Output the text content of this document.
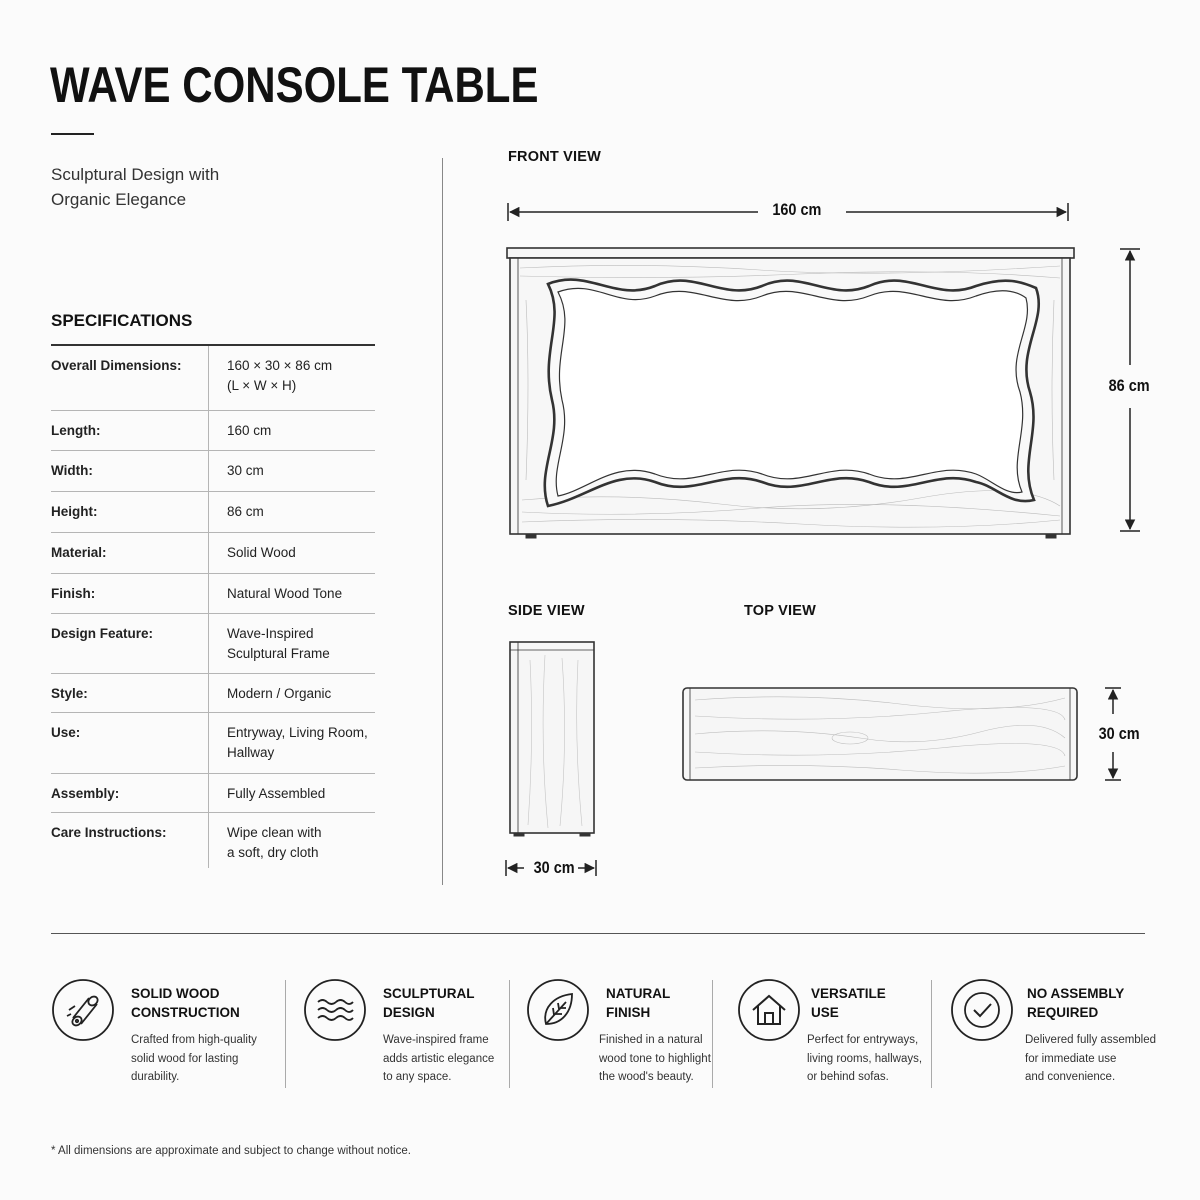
WAVE CONSOLE TABLE
Sculptural Design with
Organic Elegance
SPECIFICATIONS
Overall Dimensions:	160 × 30 × 86 cm
(L × W × H)

Length:	160 cm

Width:	30 cm

Height:	86 cm

Material:	Solid Wood

Finish:	Natural Wood Tone

Design Feature:	Wave-Inspired
Sculptural Frame

Style:	Modern / Organic

Use:	Entryway, Living Room,
Hallway

Assembly:	Fully Assembled

Care Instructions:	Wipe clean with
a soft, dry cloth
FRONT VIEW
160 cm
86 cm
SIDE VIEW
30 cm
TOP VIEW
30 cm
SOLID WOOD
CONSTRUCTION
Crafted from high-quality
solid wood for lasting
durability.
SCULPTURAL
DESIGN
Wave-inspired frame
adds artistic elegance
to any space.
NATURAL
FINISH
Finished in a natural
wood tone to highlight
the wood's beauty.
VERSATILE
USE
Perfect for entryways,
living rooms, hallways,
or behind sofas.
NO ASSEMBLY
REQUIRED
Delivered fully assembled
for immediate use
and convenience.
* All dimensions are approximate and subject to change without notice.
